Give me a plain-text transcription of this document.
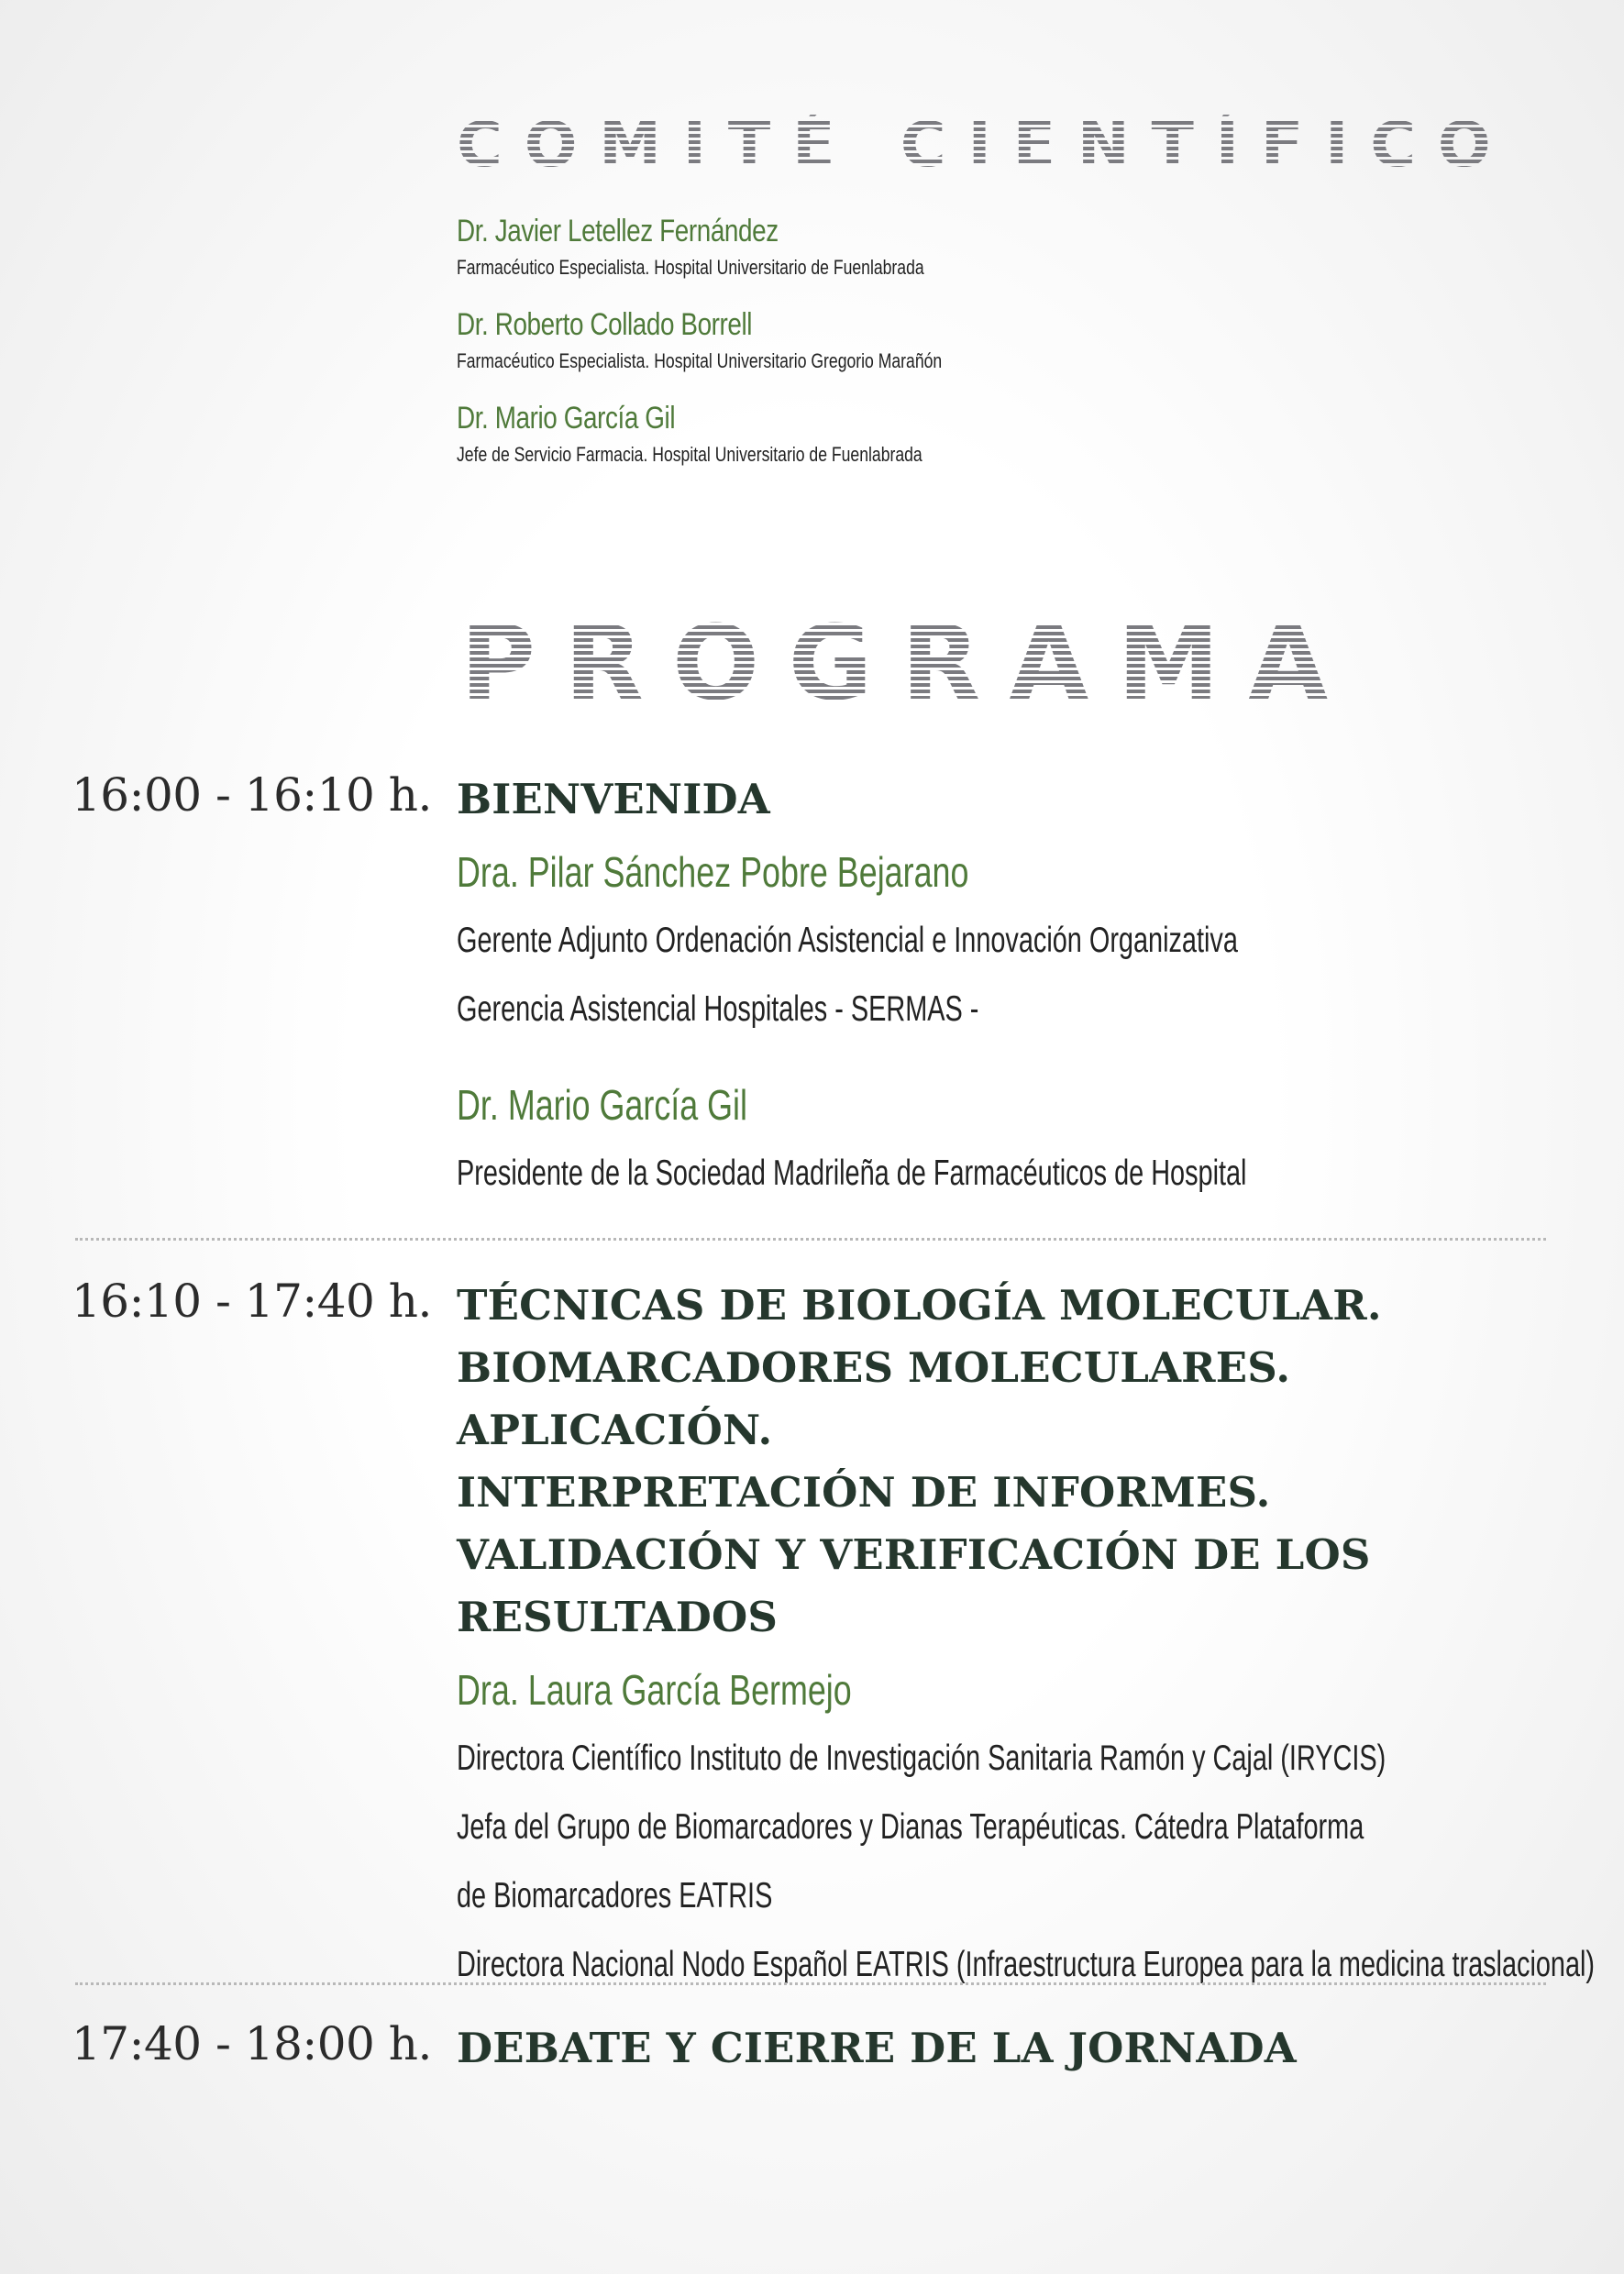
COMITÉ CIENTÍFICO
Dr. Javier Letellez Fernández
Farmacéutico Especialista. Hospital Universitario de Fuenlabrada
Dr. Roberto Collado Borrell
Farmacéutico Especialista. Hospital Universitario Gregorio Marañón
Dr. Mario García Gil
Jefe de Servicio Farmacia. Hospital Universitario de Fuenlabrada
PROGRAMA
16:00 - 16:10 h. BIENVENIDA
Dra. Pilar Sánchez Pobre Bejarano
Gerente Adjunto Ordenación Asistencial e Innovación Organizativa
Gerencia Asistencial Hospitales - SERMAS -
Dr. Mario García Gil
Presidente de la Sociedad Madrileña de Farmacéuticos de Hospital
16:10 - 17:40 h. TÉCNICAS DE BIOLOGÍA MOLECULAR.
BIOMARCADORES MOLECULARES. APLICACIÓN.
INTERPRETACIÓN DE INFORMES.
VALIDACIÓN Y VERIFICACIÓN DE LOS
RESULTADOS
Dra. Laura García Bermejo
Directora Científico Instituto de Investigación Sanitaria Ramón y Cajal (IRYCIS)
Jefa del Grupo de Biomarcadores y Dianas Terapéuticas. Cátedra Plataforma
de Biomarcadores EATRIS
Directora Nacional Nodo Español EATRIS (Infraestructura Europea para la medicina traslacional)
17:40 - 18:00 h. DEBATE Y CIERRE DE LA JORNADA
